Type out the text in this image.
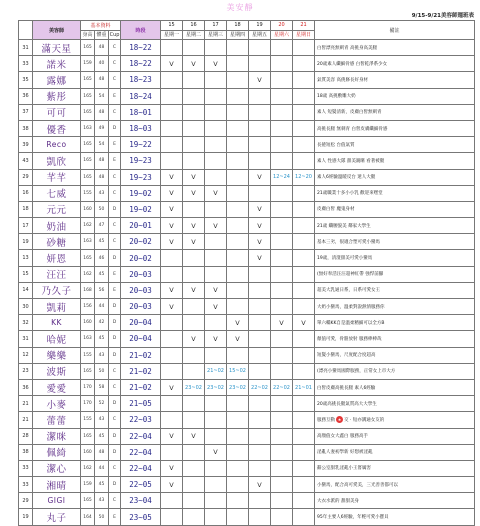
美安靜
9/15-9/21美容師週班表
	美容師	基本資料			時段	15	16	17	18	19	20	21	備註
		身高	體重	Cup		星期一	星期二	星期三	星期四	星期五	星期六	星期日	
31	滿天星	165	48	C	18~22								白皙漂亮無刺青 高挑身高美腿
33	諾米	159	40	C	18~22	V	V	V					20歲素人纖細骨感 白皙乾淨系少女
35	露娜	165	48	C	18~23					V			氣質美容 高佻修長好身材
36	紫彤	165	54	E	18~24								18歲 高挑敷雕大奶
37	可可	165	48	C	18~01								素人 短髮清新，皮膚白皙無刺青
38	優香	163	49	D	18~03								高挑長腿 無刺青 白皙皮膚纖細骨感
39	Reco	165	54	E	19~22								長捲短松 台值氣質
43	凱欣	165	48	E	19~23								素人 性感大隊 甜美親暱 看著被腿
29	芊芊	165	48	C	19~23	V	V			V	12~24	12~20	素人6經驗溫暖反台 迷人大腿
16	七威	155	43	C	19~02	V	V	V					21歲職業十多小小乳 歡迎來嘿堂
18	元元	160	50	D	19~02	V				V			皮膚白皙 魔鬼身材
17	奶油	162	47	C	20~01	V	V	V		V			21歲 纖腰貌美 鄰家大學生
19	砂糖	163	45	C	20~02	V	V			V			基本三劣，很適合塑可愛小蠻馬
13	妍恩	165	46	D	20~02					V			19歲，清澄甜美可愛小蠻馬
15	汪汪	162	45	E	20~03								(無好奉活汪汪超神紅帶 強悍前腳
14	乃久子	168	56	E	20~03	V	V	V					超美大乳通日系，日系可愛女王
30	凱莉	156	44	D	20~03	V		V					大奶小蠻馬，溫柔對說熱情服務你
32	KK	160	42	D	20~04				V		V	V	單六轎KK自是溫柔精細可以全方B
31	哈妮	163	45	D	20~04		V	V	V				顏值可愛，骨骼放射 服務棒棒哉
12	樂樂	155	43	D	21~02								短髮小蠻馬，尺度配合度超高
23	波斯	165	50	C	21~02			21~02	15~02				(漂亮小蠻馬國際服務，正常女上市大方
36	愛愛	170	58	C	21~02	V	23~02	23~02	23~02	22~02	22~02	21~01	白皙皮膚高挑長腿 素人6經驗
21	小麥	170	52	D	21~05								20歲高挑長腿氣質高大大學生
21	蕾蕾	155	43	C	22~03								服務互動 ★ 交 · 短亦溝通女友的
28	潔咪	165	45	D	22~04	V	V						高顏值女大鑫白 服務高手
38	佩綺	160	48	D	22~04			V					淫亂人妻初學新 好想被淫亂
33	潔心	162	44	C	22~04	V							辭公室甜乳淫亂小王嘗厲害
33	湘晴	159	45	D	22~05	V				V			小蠻馬，配合高可愛美，三光善善都可以
29	GIGI	165	43	C	23~04								大衣水派的 甜甜美身
19	丸子	164	50	E	23~05								95年主要人6經驗，年輕可愛小寶貝
